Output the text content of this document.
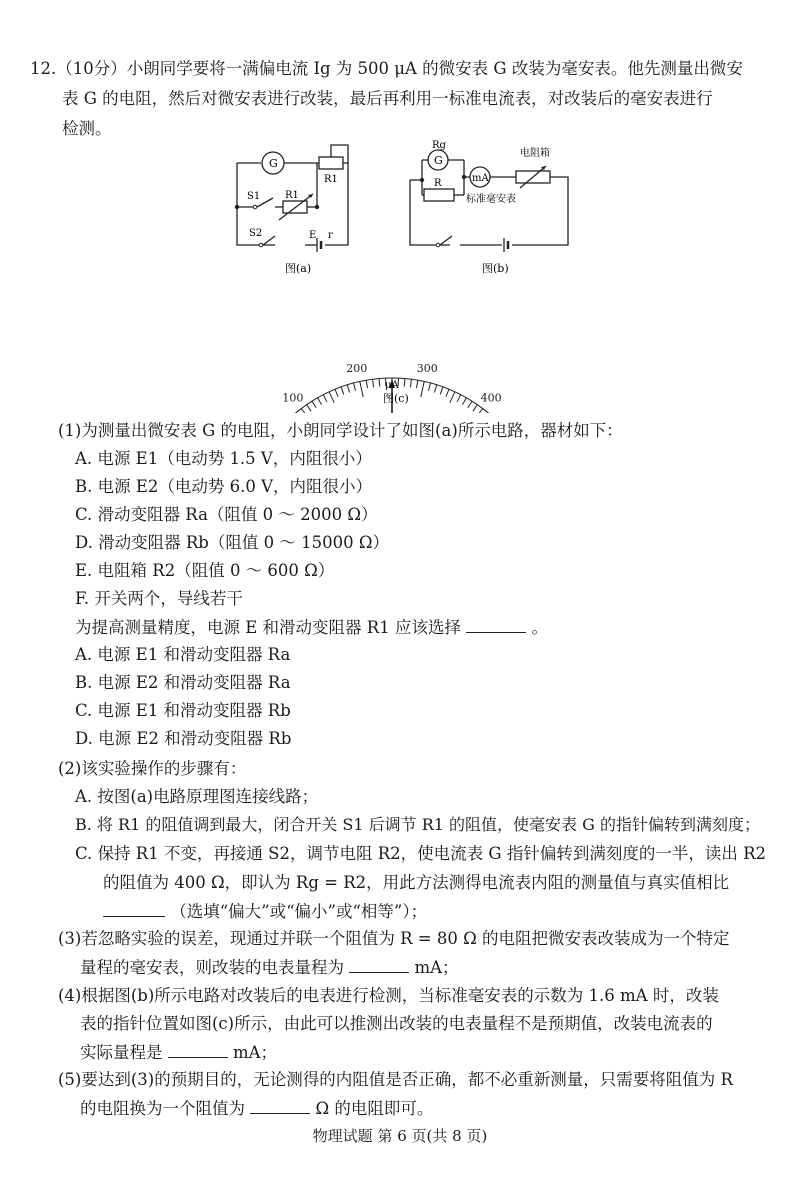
12.（10分）小朗同学要将一满偏电流 Ig 为 500 μA 的微安表 G 改装为毫安表。他先测量出微安
表 G 的电阻，然后对微安表进行改装，最后再利用一标准电流表，对改装后的毫安表进行
检测。
G
R1
R1
S1
S2	E r
图(a)
Rg
G
R	mA
电阻箱
标准毫安表
图(b)
100
200	300
400
μA
图(c)
(1)为测量出微安表 G 的电阻，小朗同学设计了如图(a)所示电路，器材如下：
A. 电源 E1（电动势 1.5 V，内阻很小）
B. 电源 E2（电动势 6.0 V，内阻很小）
C. 滑动变阻器 Ra（阻值 0 ～ 2000 Ω）
D. 滑动变阻器 Rb（阻值 0 ～ 15000 Ω）
E. 电阻箱 R2（阻值 0 ～ 600 Ω）
F. 开关两个，导线若干
为提高测量精度，电源 E 和滑动变阻器 R1 应该选择	。
A. 电源 E1 和滑动变阻器 Ra
B. 电源 E2 和滑动变阻器 Ra
C. 电源 E1 和滑动变阻器 Rb
D. 电源 E2 和滑动变阻器 Rb
(2)该实验操作的步骤有：
A. 按图(a)电路原理图连接线路；
B. 将 R1 的阻值调到最大，闭合开关 S1 后调节 R1 的阻值，使毫安表 G 的指针偏转到满刻度；
C. 保持 R1 不变，再接通 S2，调节电阻 R2，使电流表 G 指针偏转到满刻度的一半，读出 R2
的阻值为 400 Ω，即认为 Rg = R2，用此方法测得电流表内阻的测量值与真实值相比
（选填“偏大”或“偏小”或“相等”）；
(3)若忽略实验的误差，现通过并联一个阻值为 R = 80 Ω 的电阻把微安表改装成为一个特定
量程的毫安表，则改装的电表量程为	mA；
(4)根据图(b)所示电路对改装后的电表进行检测，当标准毫安表的示数为 1.6 mA 时，改装
表的指针位置如图(c)所示，由此可以推测出改装的电表量程不是预期值，改装电流表的
实际量程是	mA；
(5)要达到(3)的预期目的，无论测得的内阻值是否正确，都不必重新测量，只需要将阻值为 R
的电阻换为一个阻值为	Ω 的电阻即可。
物理试题 第 6 页(共 8 页)
